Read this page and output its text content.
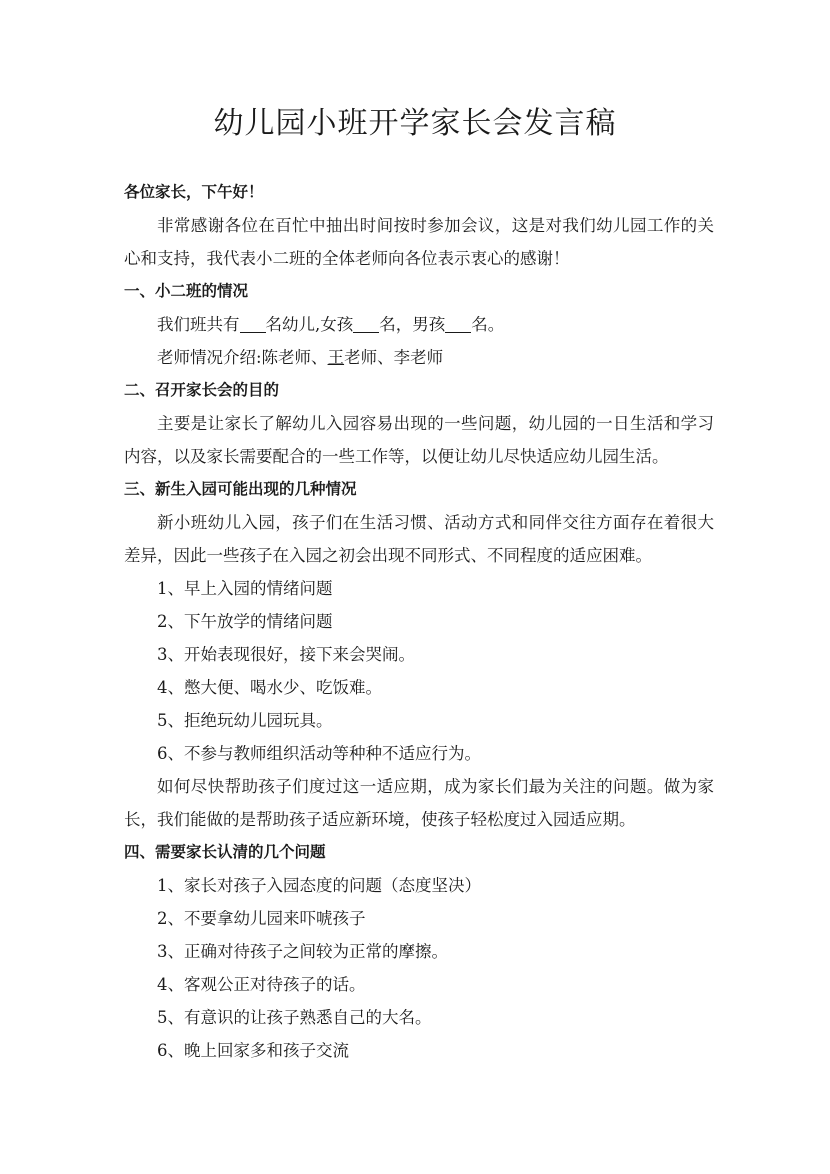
幼儿园小班开学家长会发言稿
各位家长，下午好！
非常感谢各位在百忙中抽出时间按时参加会议，这是对我们幼儿园工作的关
心和支持，我代表小二班的全体老师向各位表示衷心的感谢！
一、小二班的情况
我们班共有 名幼儿,女孩 名，男孩 名。
老师情况介绍:陈老师、王老师、李老师
二、召开家长会的目的
主要是让家长了解幼儿入园容易出现的一些问题，幼儿园的一日生活和学习
内容，以及家长需要配合的一些工作等，以便让幼儿尽快适应幼儿园生活。
三、新生入园可能出现的几种情况
新小班幼儿入园，孩子们在生活习惯、活动方式和同伴交往方面存在着很大
差异，因此一些孩子在入园之初会出现不同形式、不同程度的适应困难。
1、早上入园的情绪问题
2、下午放学的情绪问题
3、开始表现很好，接下来会哭闹。
4、憋大便、喝水少、吃饭难。
5、拒绝玩幼儿园玩具。
6、不参与教师组织活动等种种不适应行为。
如何尽快帮助孩子们度过这一适应期，成为家长们最为关注的问题。做为家
长，我们能做的是帮助孩子适应新环境，使孩子轻松度过入园适应期。
四、需要家长认清的几个问题
1、家长对孩子入园态度的问题（态度坚决）
2、不要拿幼儿园来吓唬孩子
3、正确对待孩子之间较为正常的摩擦。
4、客观公正对待孩子的话。
5、有意识的让孩子熟悉自己的大名。
6、晚上回家多和孩子交流
